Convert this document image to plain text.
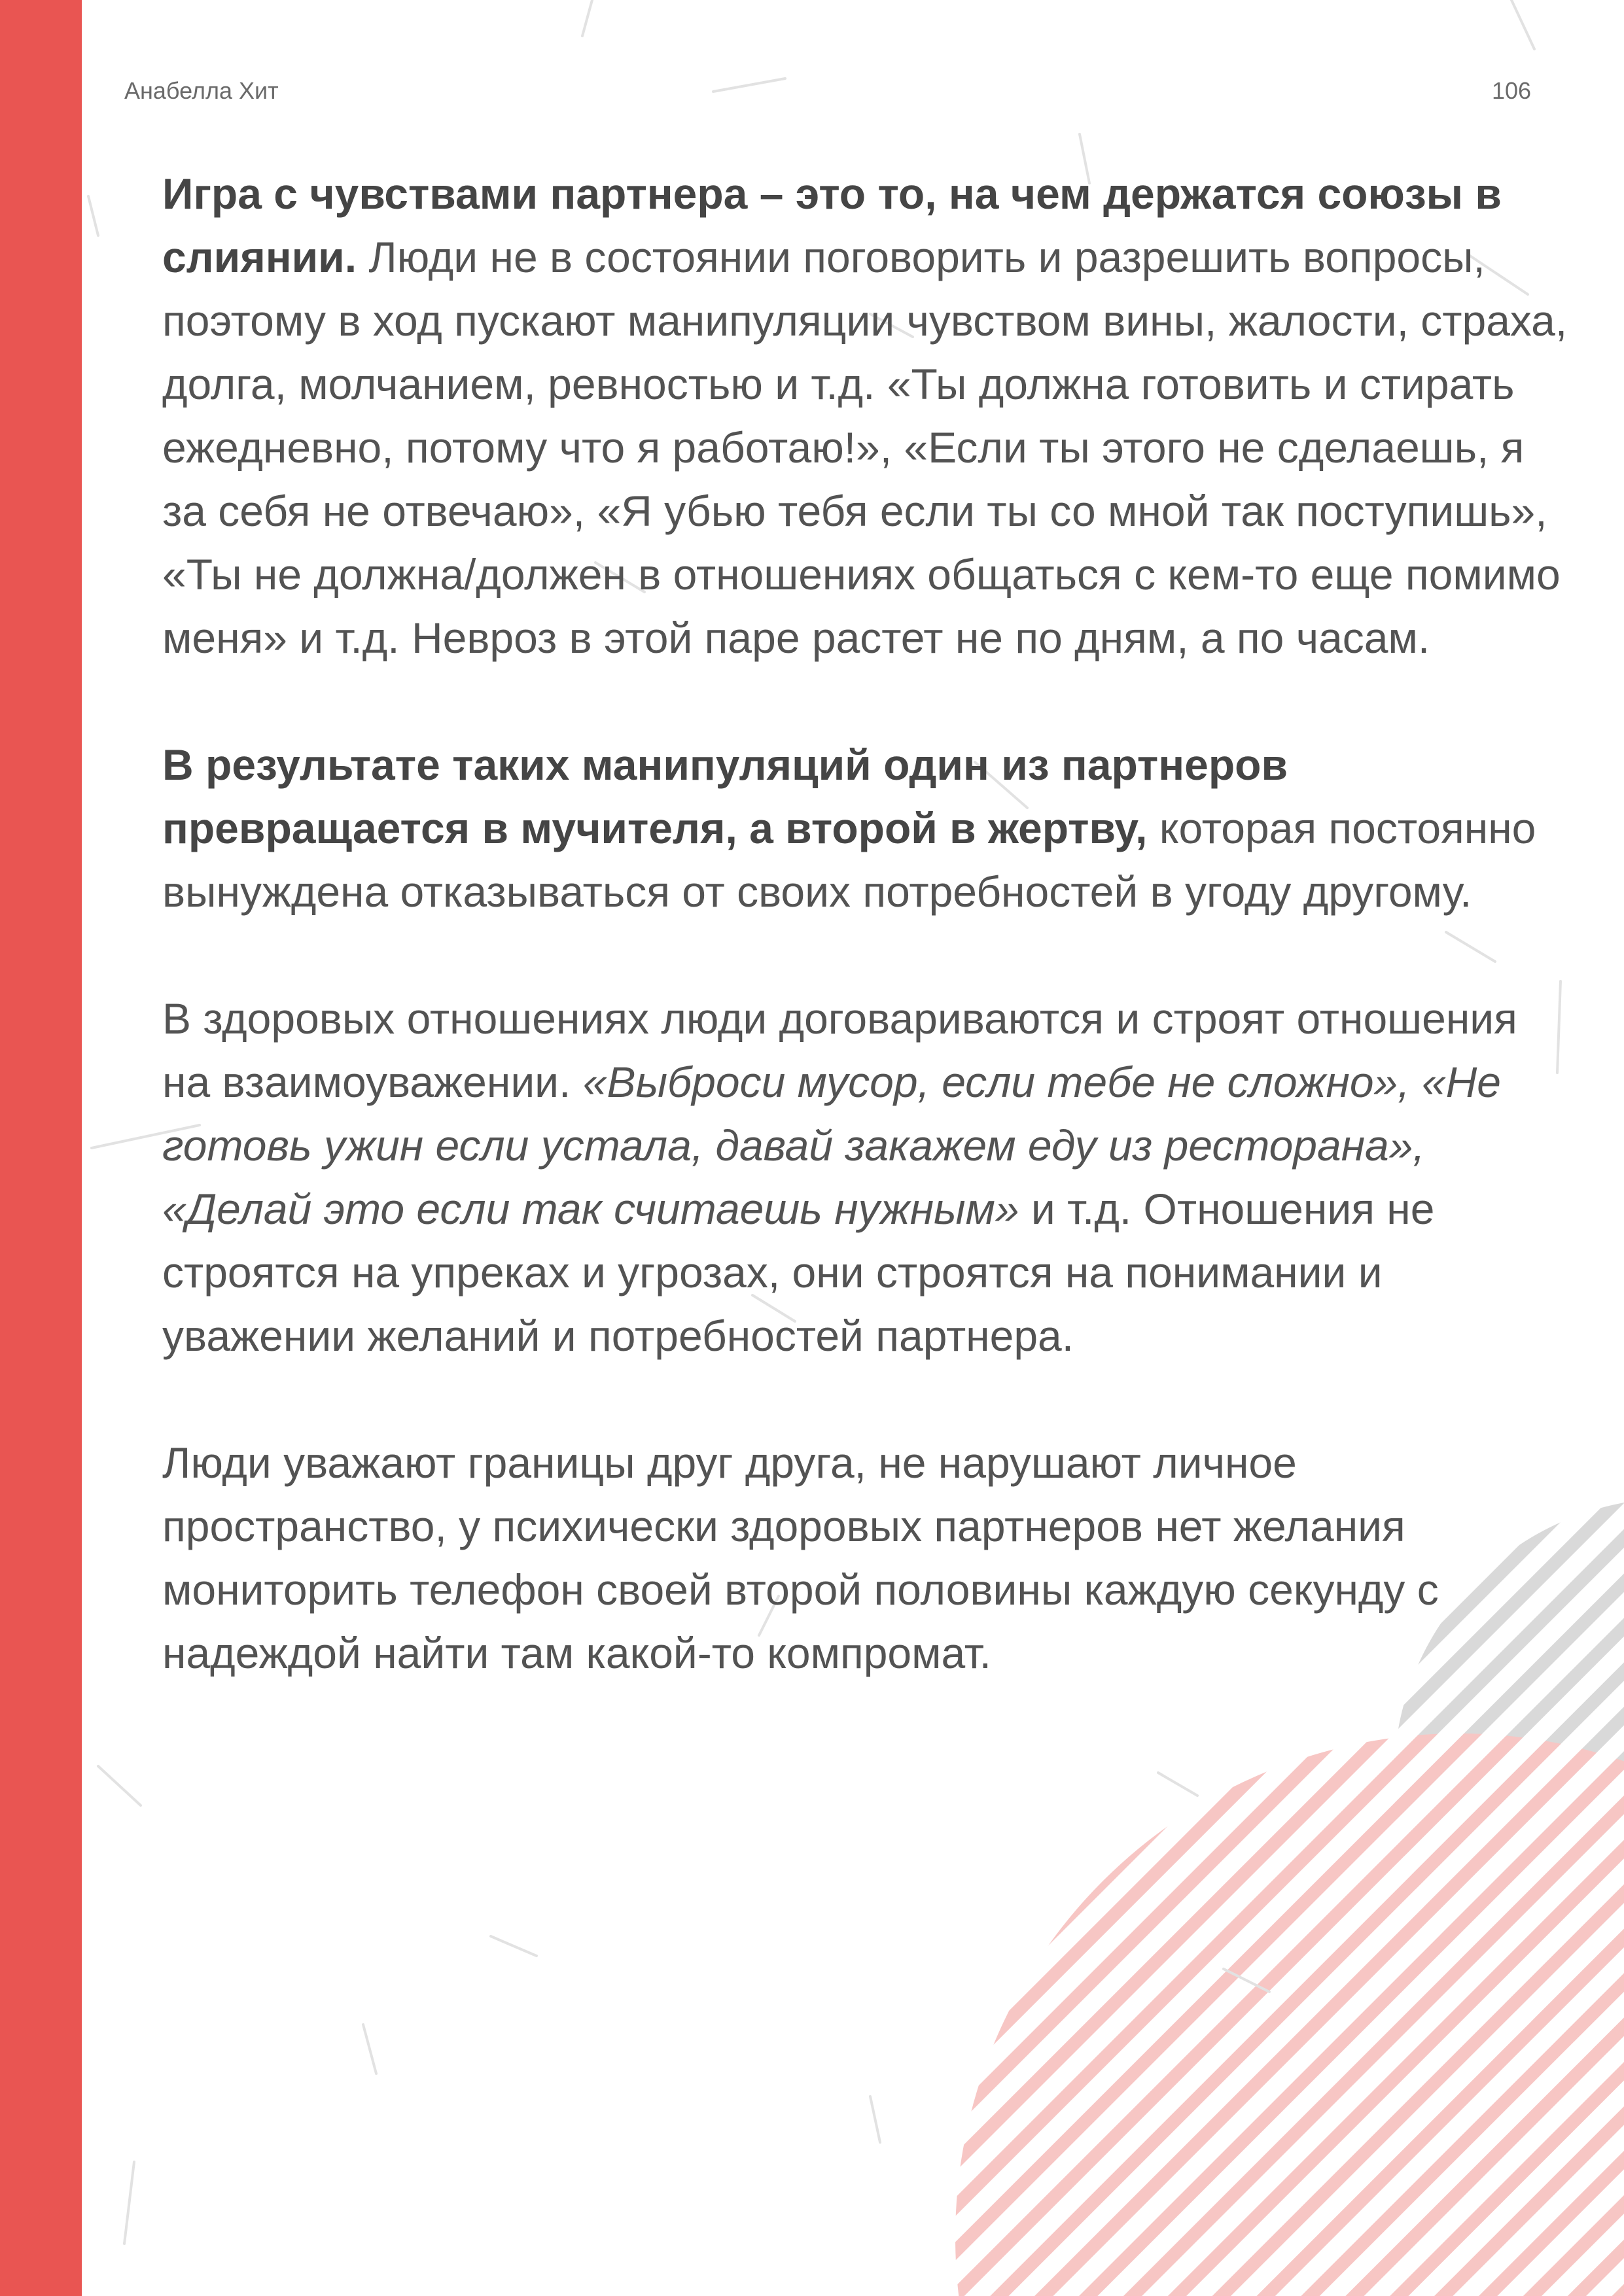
Анабелла Хит	106

Игра с чувствами партнера – это то, на чем держатся союзы в слиянии. Люди не в состоянии поговорить и разрешить вопросы, поэтому в ход пускают манипуляции чувством вины, жалости, страха, долга, молчанием, ревностью и т.д. «Ты должна готовить и стирать ежедневно, потому что я работаю!», «Если ты этого не сделаешь, я за себя не отвечаю», «Я убью тебя если ты со мной так поступишь», «Ты не должна/должен в отношениях общаться с кем-то еще помимо меня» и т.д. Невроз в этой паре растет не по дням, а по часам.

В результате таких манипуляций один из партнеров превращается в мучителя, а второй в жертву, которая постоянно вынуждена отказываться от своих потребностей в угоду другому.

В здоровых отношениях люди договариваются и строят отношения на взаимоуважении. «Выброси мусор, если тебе не сложно», «Не готовь ужин если устала, давай закажем еду из ресторана», «Делай это если так считаешь нужным» и т.д. Отношения не строятся на упреках и угрозах, они строятся на понимании и уважении желаний и потребностей партнера.

Люди уважают границы друг друга, не нарушают личное пространство, у психически здоровых партнеров нет желания мониторить телефон своей второй половины каждую секунду с надеждой найти там какой-то компромат.
